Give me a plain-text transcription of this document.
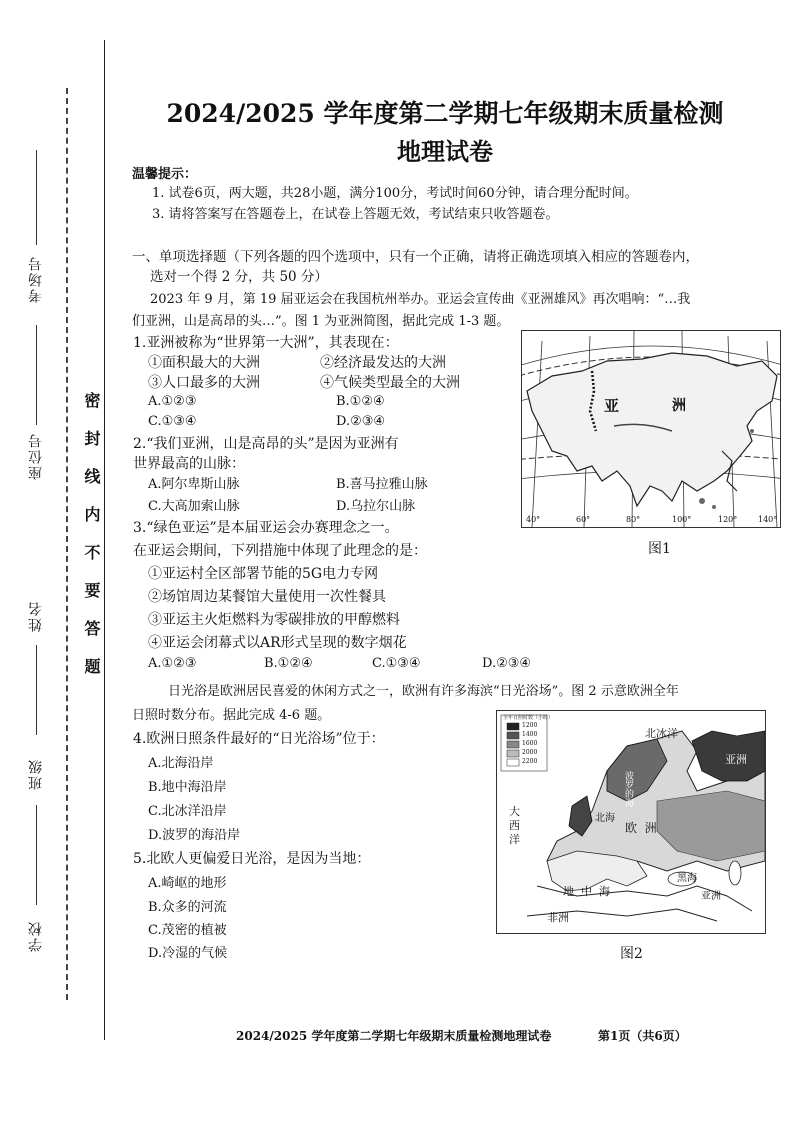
考场号
座位号
姓名
班级
学校
密封线内不要答题
2024/2025 学年度第二学期七年级期末质量检测
地理试卷
温馨提示：
1. 试卷6页，两大题，共28小题，满分100分，考试时间60分钟，请合理分配时间。
3. 请将答案写在答题卷上，在试卷上答题无效，考试结束只收答题卷。
一、单项选择题（下列各题的四个选项中，只有一个正确，请将正确选项填入相应的答题卷内，
选对一个得 2 分，共 50 分）
2023 年 9 月，第 19 届亚运会在我国杭州举办。亚运会宣传曲《亚洲雄风》再次唱响：“…我
们亚洲，山是高昂的头…”。图 1 为亚洲简图，据此完成 1-3 题。
1.亚洲被称为“世界第一大洲”，其表现在：
①面积最大的大洲	②经济最发达的大洲
③人口最多的大洲	④气候类型最全的大洲
A.①②③	B.①②④
C.①③④	D.②③④
2.“我们亚洲，山是高昂的头”是因为亚洲有
世界最高的山脉：
A.阿尔卑斯山脉	B.喜马拉雅山脉
C.大高加索山脉	D.乌拉尔山脉
3.“绿色亚运”是本届亚运会办赛理念之一。
在亚运会期间，下列措施中体现了此理念的是：
①亚运村全区部署节能的5G电力专网
②场馆周边某餐馆大量使用一次性餐具
③亚运主火炬燃料为零碳排放的甲醇燃料
④亚运会闭幕式以AR形式呈现的数字烟花
A.①②③	B.①②④	C.①③④	D.②③④
亚	洲
40°	60°	80°	100°	120°	140°
图1
日光浴是欧洲居民喜爱的休闲方式之一，欧洲有许多海滨“日光浴场”。图 2 示意欧洲全年
日照时数分布。据此完成 4-6 题。
4.欧洲日照条件最好的“日光浴场”位于：
A.北海沿岸
B.地中海沿岸
C.北冰洋沿岸
D.波罗的海沿岸
5.北欧人更偏爱日光浴，是因为当地：
A.崎岖的地形
B.众多的河流
C.茂密的植被
D.冷湿的气候
全年日照时数（小时）
1200
1400
1600
2000
2200
北冰洋
亚洲
大
西
洋
波罗的海
北海
欧  洲
黑海
亚洲
地  中  海
非洲
图2
2024/2025 学年度第二学期七年级期末质量检测地理试卷	第1页（共6页）
